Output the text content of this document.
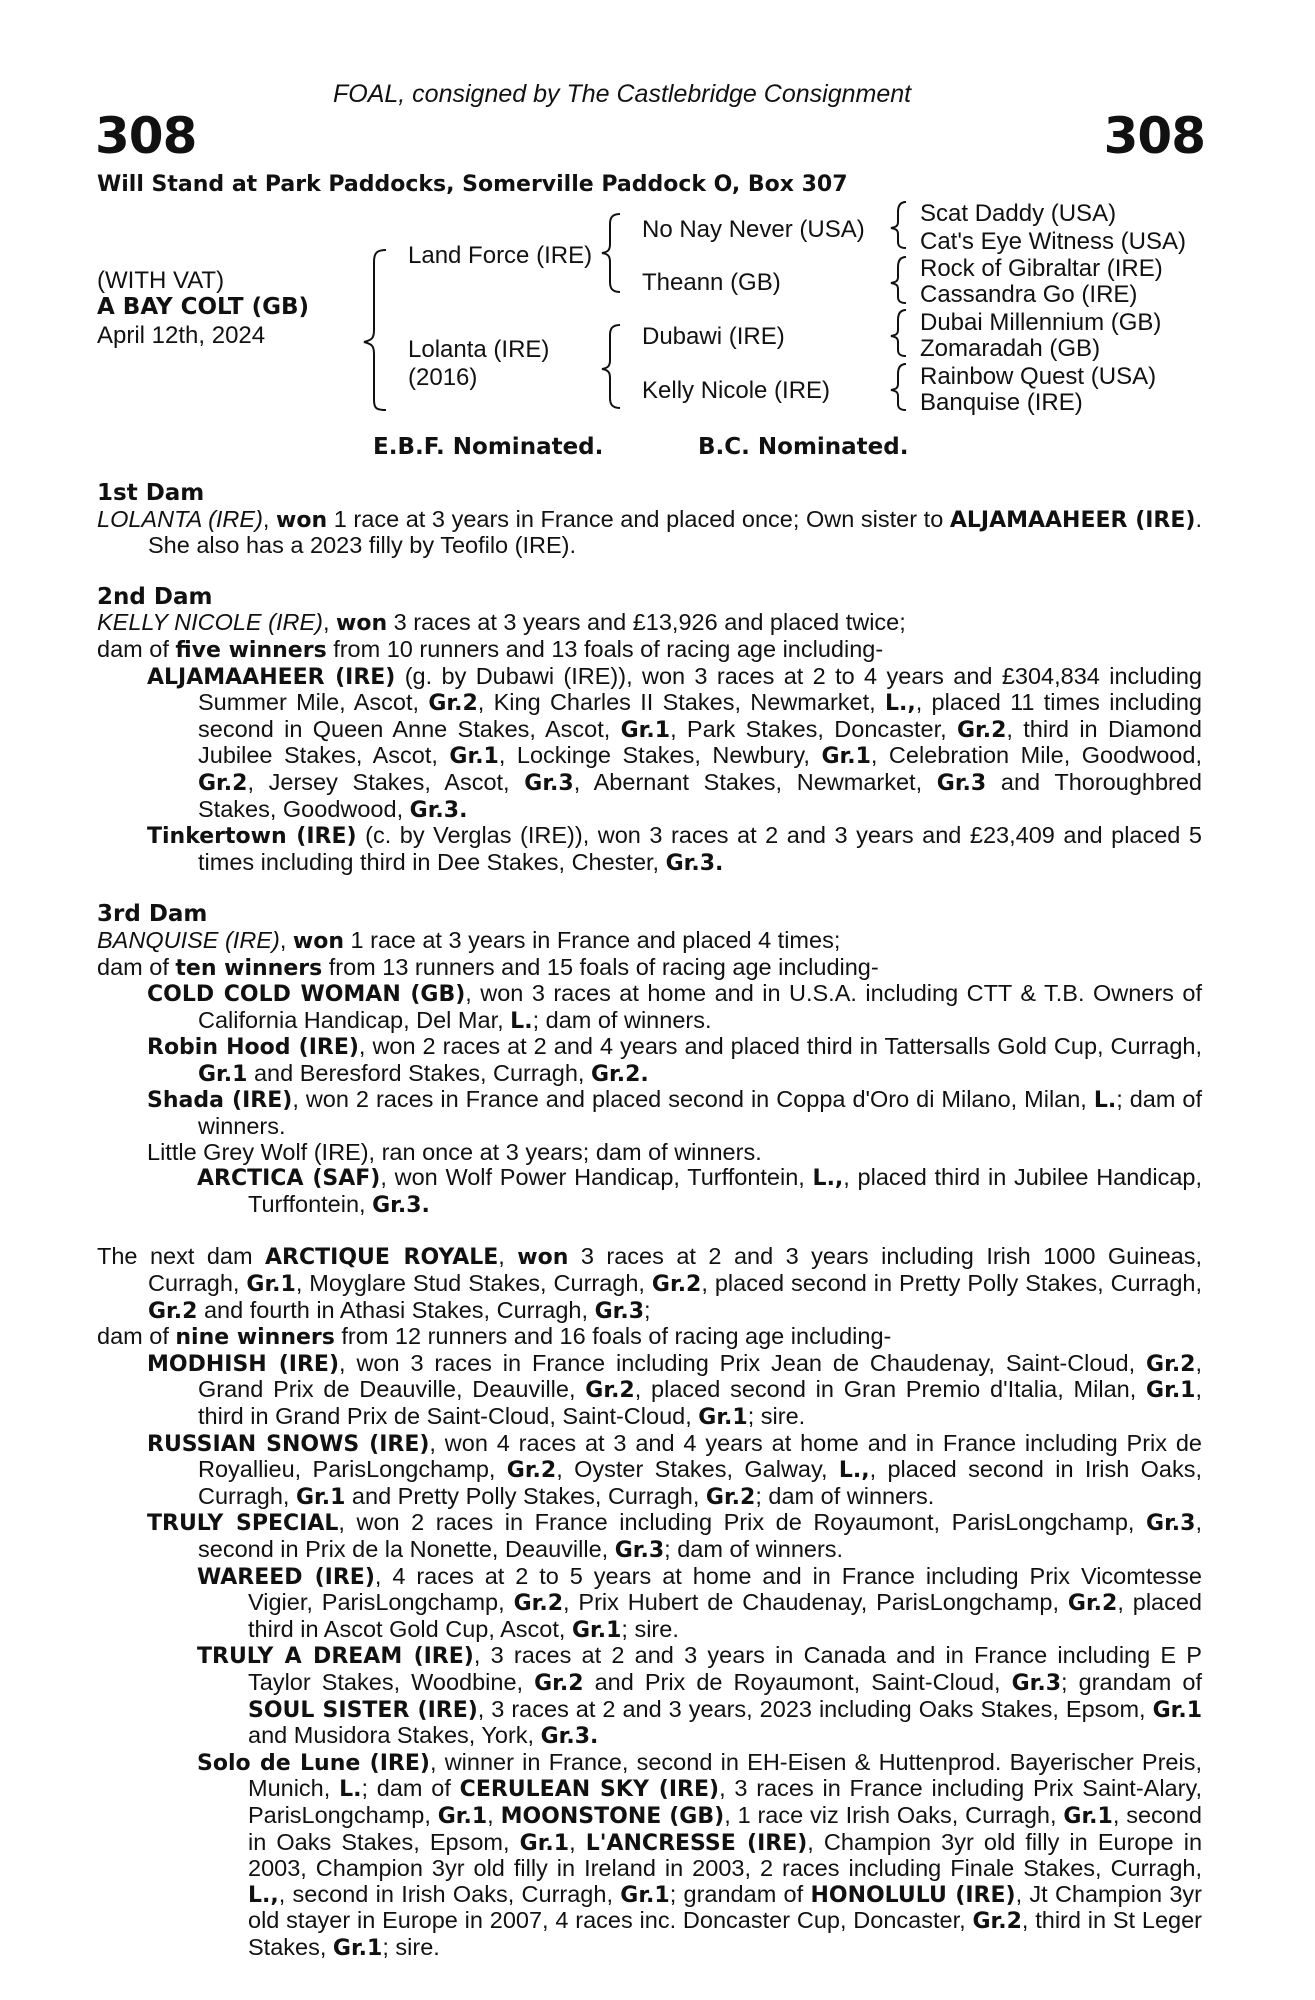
FOAL, consigned by The Castlebridge Consignment
308	308
Will Stand at Park Paddocks, Somerville Paddock O, Box 307
(WITH VAT)
A BAY COLT (GB)
April 12th, 2024
Land Force (IRE)
Lolanta (IRE)
(2016)
No Nay Never (USA)
Theann (GB)
Dubawi (IRE)
Kelly Nicole (IRE)
Scat Daddy (USA)
Cat's Eye Witness (USA)
Rock of Gibraltar (IRE)
Cassandra Go (IRE)
Dubai Millennium (GB)
Zomaradah (GB)
Rainbow Quest (USA)
Banquise (IRE)
E.B.F. Nominated.	B.C. Nominated.
1st Dam

LOLANTA (IRE), won 1 race at 3 years in France and placed once; Own sister to ALJAMAAHEER (IRE). She also has a 2023 filly by Teofilo (IRE).

2nd Dam

KELLY NICOLE (IRE), won 3 races at 3 years and £13,926 and placed twice;

dam of five winners from 10 runners and 13 foals of racing age including-

ALJAMAAHEER (IRE) (g. by Dubawi (IRE)), won 3 races at 2 to 4 years and £304,834 including Summer Mile, Ascot, Gr.2, King Charles II Stakes, Newmarket, L.,, placed 11 times including second in Queen Anne Stakes, Ascot, Gr.1, Park Stakes, Doncaster, Gr.2, third in Diamond Jubilee Stakes, Ascot, Gr.1, Lockinge Stakes, Newbury, Gr.1, Celebration Mile, Goodwood, Gr.2, Jersey Stakes, Ascot, Gr.3, Abernant Stakes, Newmarket, Gr.3 and Thoroughbred Stakes, Goodwood, Gr.3.

Tinkertown (IRE) (c. by Verglas (IRE)), won 3 races at 2 and 3 years and £23,409 and placed 5 times including third in Dee Stakes, Chester, Gr.3.

3rd Dam

BANQUISE (IRE), won 1 race at 3 years in France and placed 4 times;

dam of ten winners from 13 runners and 15 foals of racing age including-

COLD COLD WOMAN (GB), won 3 races at home and in U.S.A. including CTT & T.B. Owners of California Handicap, Del Mar, L.; dam of winners.

Robin Hood (IRE), won 2 races at 2 and 4 years and placed third in Tattersalls Gold Cup, Curragh, Gr.1 and Beresford Stakes, Curragh, Gr.2.

Shada (IRE), won 2 races in France and placed second in Coppa d'Oro di Milano, Milan, L.; dam of winners.

Little Grey Wolf (IRE), ran once at 3 years; dam of winners.

ARCTICA (SAF), won Wolf Power Handicap, Turffontein, L.,, placed third in Jubilee Handicap, Turffontein, Gr.3.

The next dam ARCTIQUE ROYALE, won 3 races at 2 and 3 years including Irish 1000 Guineas, Curragh, Gr.1, Moyglare Stud Stakes, Curragh, Gr.2, placed second in Pretty Polly Stakes, Curragh, Gr.2 and fourth in Athasi Stakes, Curragh, Gr.3;

dam of nine winners from 12 runners and 16 foals of racing age including-

MODHISH (IRE), won 3 races in France including Prix Jean de Chaudenay, Saint-Cloud, Gr.2, Grand Prix de Deauville, Deauville, Gr.2, placed second in Gran Premio d'Italia, Milan, Gr.1, third in Grand Prix de Saint-Cloud, Saint-Cloud, Gr.1; sire.

RUSSIAN SNOWS (IRE), won 4 races at 3 and 4 years at home and in France including Prix de Royallieu, ParisLongchamp, Gr.2, Oyster Stakes, Galway, L.,, placed second in Irish Oaks, Curragh, Gr.1 and Pretty Polly Stakes, Curragh, Gr.2; dam of winners.

TRULY SPECIAL, won 2 races in France including Prix de Royaumont, ParisLongchamp, Gr.3, second in Prix de la Nonette, Deauville, Gr.3; dam of winners.

WAREED (IRE), 4 races at 2 to 5 years at home and in France including Prix Vicomtesse Vigier, ParisLongchamp, Gr.2, Prix Hubert de Chaudenay, ParisLongchamp, Gr.2, placed third in Ascot Gold Cup, Ascot, Gr.1; sire.

TRULY A DREAM (IRE), 3 races at 2 and 3 years in Canada and in France including E P Taylor Stakes, Woodbine, Gr.2 and Prix de Royaumont, Saint-Cloud, Gr.3; grandam of SOUL SISTER (IRE), 3 races at 2 and 3 years, 2023 including Oaks Stakes, Epsom, Gr.1 and Musidora Stakes, York, Gr.3.

Solo de Lune (IRE), winner in France, second in EH-Eisen & Huttenprod. Bayerischer Preis, Munich, L.; dam of CERULEAN SKY (IRE), 3 races in France including Prix Saint-Alary, ParisLongchamp, Gr.1, MOONSTONE (GB), 1 race viz Irish Oaks, Curragh, Gr.1, second in Oaks Stakes, Epsom, Gr.1, L'ANCRESSE (IRE), Champion 3yr old filly in Europe in 2003, Champion 3yr old filly in Ireland in 2003, 2 races including Finale Stakes, Curragh, L.,, second in Irish Oaks, Curragh, Gr.1; grandam of HONOLULU (IRE), Jt Champion 3yr old stayer in Europe in 2007, 4 races inc. Doncaster Cup, Doncaster, Gr.2, third in St Leger Stakes, Gr.1; sire.
